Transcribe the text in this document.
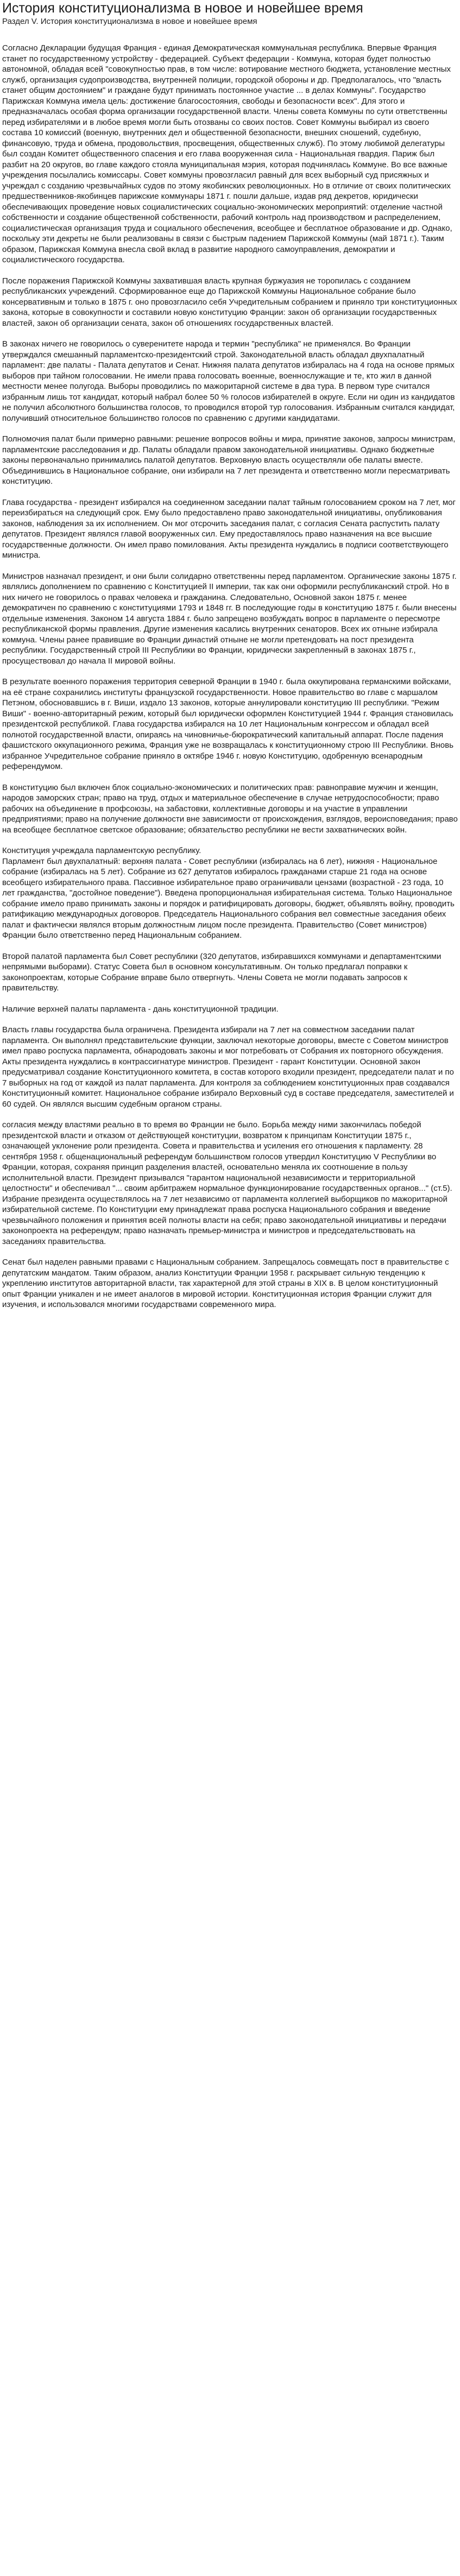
История конституционализма в новое и новейшее время
Раздел V. История конституционализма в новое и новейшее время

Согласно Декларации будущая Франция - единая Демократическая коммунальная республика. Впервые Франция станет по государственному устройству - федерацией. Субъект федерации - Коммуна, которая будет полностью автономной, обладая всей "совокупностью прав, в том числе: вотирование местного бюджета, установление местных служб, организация судопроизводства, внутренней полиции, городской обороны и др. Предполагалось, что "власть станет общим достоянием" и граждане будут принимать постоянное участие ... в делах Коммуны". Государство Парижская Коммуна имела цель: достижение благосостояния, свободы и безопасности всех". Для этого и предназначалась особая форма организации государственной власти. Члены совета Коммуны по сути ответственны перед избирателями и в любое время могли быть отозваны со своих постов. Совет Коммуны выбирал из своего состава 10 комиссий (военную, внутренних дел и общественной безопасности, внешних сношений, судебную, финансовую, труда и обмена, продовольствия, просвещения, общественных служб). По этому любимой делегатуры был создан Комитет общественного спасения и его глава вооруженная сила - Национальная гвардия. Париж был разбит на 20 округов, во главе каждого стояла муниципальная мэрия, которая подчинялась Коммуне. Во все важные учреждения посылались комиссары. Совет коммуны провозгласил равный для всех выборный суд присяжных и учреждал с созданию чрезвычайных судов по этому якобинских революционных. Но в отличие от своих политических предшественников-якобинцев парижские коммунары 1871 г. пошли дальше, издав ряд декретов, юридически обеспечивающих проведение новых социалистических социально-экономических мероприятий: отделение частной собственности и создание общественной собственности, рабочий контроль над производством и распределением, социалистическая организация труда и социального обеспечения, всеобщее и бесплатное образование и др. Однако, поскольку эти декреты не были реализованы в связи с быстрым падением Парижской Коммуны (май 1871 г.). Таким образом, Парижская Коммуна внесла свой вклад в развитие народного самоуправления, демократии и социалистического государства.

После поражения Парижской Коммуны захватившая власть крупная буржуазия не торопилась с созданием республиканских учреждений. Сформированное еще до Парижской Коммуны Национальное собрание было консервативным и только в 1875 г. оно провозгласило себя Учредительным собранием и приняло три конституционных закона, которые в совокупности и составили новую конституцию Франции: закон об организации государственных властей, закон об организации сената, закон об отношениях государственных властей.

В законах ничего не говорилось о суверенитете народа и термин "республика" не применялся. Во Франции утверждался смешанный парламентско-президентский строй. Законодательной власть обладал двухпалатный парламент: две палаты - Палата депутатов и Сенат. Нижняя палата депутатов избиралась на 4 года на основе прямых выборов при тайном голосовании. Не имели права голосовать военные, военнослужащие и те, кто жил в данной местности менее полугода. Выборы проводились по мажоритарной системе в два тура. В первом туре считался избранным лишь тот кандидат, который набрал более 50 % голосов избирателей в округе. Если ни один из кандидатов не получил абсолютного большинства голосов, то проводился второй тур голосования. Избранным считался кандидат, получивший относительное большинство голосов по сравнению с другими кандидатами.

Полномочия палат были примерно равными: решение вопросов войны и мира, принятие законов, запросы министрам, парламентские расследования и др. Палаты обладали правом законодательной инициативы. Однако бюджетные законы первоначально принимались палатой депутатов. Верховную власть осуществляли обе палаты вместе. Объединившись в Национальное собрание, они избирали на 7 лет президента и ответственно могли пересматривать конституцию.

Глава государства - президент избирался на соединенном заседании палат тайным голосованием сроком на 7 лет, мог переизбираться на следующий срок. Ему было предоставлено право законодательной инициативы, опубликования законов, наблюдения за их исполнением. Он мог отсрочить заседания палат, с согласия Сената распустить палату депутатов. Президент являлся главой вооруженных сил. Ему предоставлялось право назначения на все высшие государственные должности. Он имел право помилования. Акты президента нуждались в подписи соответствующего министра.

Министров назначал президент, и они были солидарно ответственны перед парламентом. Органические законы 1875 г. являлись дополнением по сравнению с Конституцией II империи, так как они оформили республиканский строй. Но в них ничего не говорилось о правах человека и гражданина. Следовательно, Основной закон 1875 г. менее демократичен по сравнению с конституциями 1793 и 1848 гг. В последующие годы в конституцию 1875 г. были внесены отдельные изменения. Законом 14 августа 1884 г. было запрещено возбуждать вопрос в парламенте о пересмотре республиканской формы правления. Другие изменения касались внутренних сенаторов. Всех их отныне избирала коммуна. Члены ранее правившие во Франции династий отныне не могли претендовать на пост президента республики. Государственный строй III Республики во Франции, юридически закрепленный в законах 1875 г., просуществовал до начала II мировой войны.

В результате военного поражения территория северной Франции в 1940 г. была оккупирована германскими войсками, на её стране сохранились институты французской государственности. Новое правительство во главе с маршалом Петэном, обосновавшись в г. Виши, издало 13 законов, которые аннулировали конституцию III республики. "Режим Виши" - военно-авторитарный режим, который был юридически оформлен Конституцией 1944 г. Франция становилась президентской республикой. Глава государства избирался на 10 лет Национальным конгрессом и обладал всей полнотой государственной власти, опираясь на чиновничье-бюрократический капитальный аппарат. После падения фашистского оккупационного режима, Франция уже не возвращалась к конституционному строю III Республики. Вновь избранное Учредительное собрание приняло в октябре 1946 г. новую Конституцию, одобренную всенародным референдумом.

В конституцию был включен блок социально-экономических и политических прав: равноправие мужчин и женщин, народов заморских стран; право на труд, отдых и материальное обеспечение в случае нетрудоспособности; право рабочих на объединение в профсоюзы, на забастовки, коллективные договоры и на участие в управлении предприятиями; право на получение должности вне зависимости от происхождения, взглядов, вероисповедания; право на всеобщее бесплатное светское образование; обязательство республики не вести захватнических войн.

Конституция учреждала парламентскую республику.
Парламент был двухпалатный: верхняя палата - Совет республики (избиралась на 6 лет), нижняя - Национальное собрание (избиралась на 5 лет). Собрание из 627 депутатов избиралось гражданами старше 21 года на основе всеобщего избирательного права. Пассивное избирательное право ограничивали цензами (возрастной - 23 года, 10 лет гражданства, "достойное поведение"). Введена пропорциональная избирательная система. Только Национальное собрание имело право принимать законы и порядок и ратифицировать договоры, бюджет, объявлять войну, проводить ратификацию международных договоров. Председатель Национального собрания вел совместные заседания обеих палат и фактически являлся вторым должностным лицом после президента. Правительство (Совет министров) Франции было ответственно перед Национальным собранием.

Второй палатой парламента был Совет республики (320 депутатов, избиравшихся коммунами и департаментскими непрямыми выборами). Статус Совета был в основном консультативным. Он только предлагал поправки к законопроектам, которые Собрание вправе было отвергнуть. Члены Совета не могли подавать запросов к правительству.

Наличие верхней палаты парламента - дань конституционной традиции.

Власть главы государства была ограничена. Президента избирали на 7 лет на совместном заседании палат парламента. Он выполнял представительские функции, заключал некоторые договоры, вместе с Советом министров имел право роспуска парламента, обнародовать законы и мог потребовать от Собрания их повторного обсуждения. Акты президента нуждались в контрассигнатуре министров. Президент - гарант Конституции. Основной закон предусматривал создание Конституционного комитета, в состав которого входили президент, председатели палат и по 7 выборных на год от каждой из палат парламента. Для контроля за соблюдением конституционных прав создавался Конституционный комитет. Национальное собрание избирало Верховный суд в составе председателя, заместителей и 60 судей. Он являлся высшим судебным органом страны.

согласия между властями реально в то время во Франции не было. Борьба между ними закончилась победой президентской власти и отказом от действующей конституции, возвратом к принципам Конституции 1875 г., означающей уклонение роли президента. Совета и правительства и усиления его отношения к парламенту. 28 сентября 1958 г. общенациональный референдум большинством голосов утвердил Конституцию V Республики во Франции, которая, сохраняя принцип разделения властей, основательно меняла их соотношение в пользу исполнительной власти. Президент призывался "гарантом национальной независимости и территориальной целостности" и обеспечивал "... своим арбитражем нормальное функционирование государственных органов..." (ст.5). Избрание президента осуществлялось на 7 лет независимо от парламента коллегией выборщиков по мажоритарной избирательной системе. По Конституции ему принадлежат права роспуска Национального собрания и введение чрезвычайного положения и принятия всей полноты власти на себя; право законодательной инициативы и передачи законопроекта на референдум; право назначать премьер-министра и министров и председательствовать на заседаниях правительства.

Сенат был наделен равными правами с Национальным собранием. Запрещалось совмещать пост в правительстве с депутатским мандатом. Таким образом, анализ Конституции Франции 1958 г. раскрывает сильную тенденцию к укреплению институтов авторитарной власти, так характерной для этой страны в XIX в. В целом конституционный опыт Франции уникален и не имеет аналогов в мировой истории. Конституционная история Франции служит для изучения, и использовался многими государствами современного мира.
